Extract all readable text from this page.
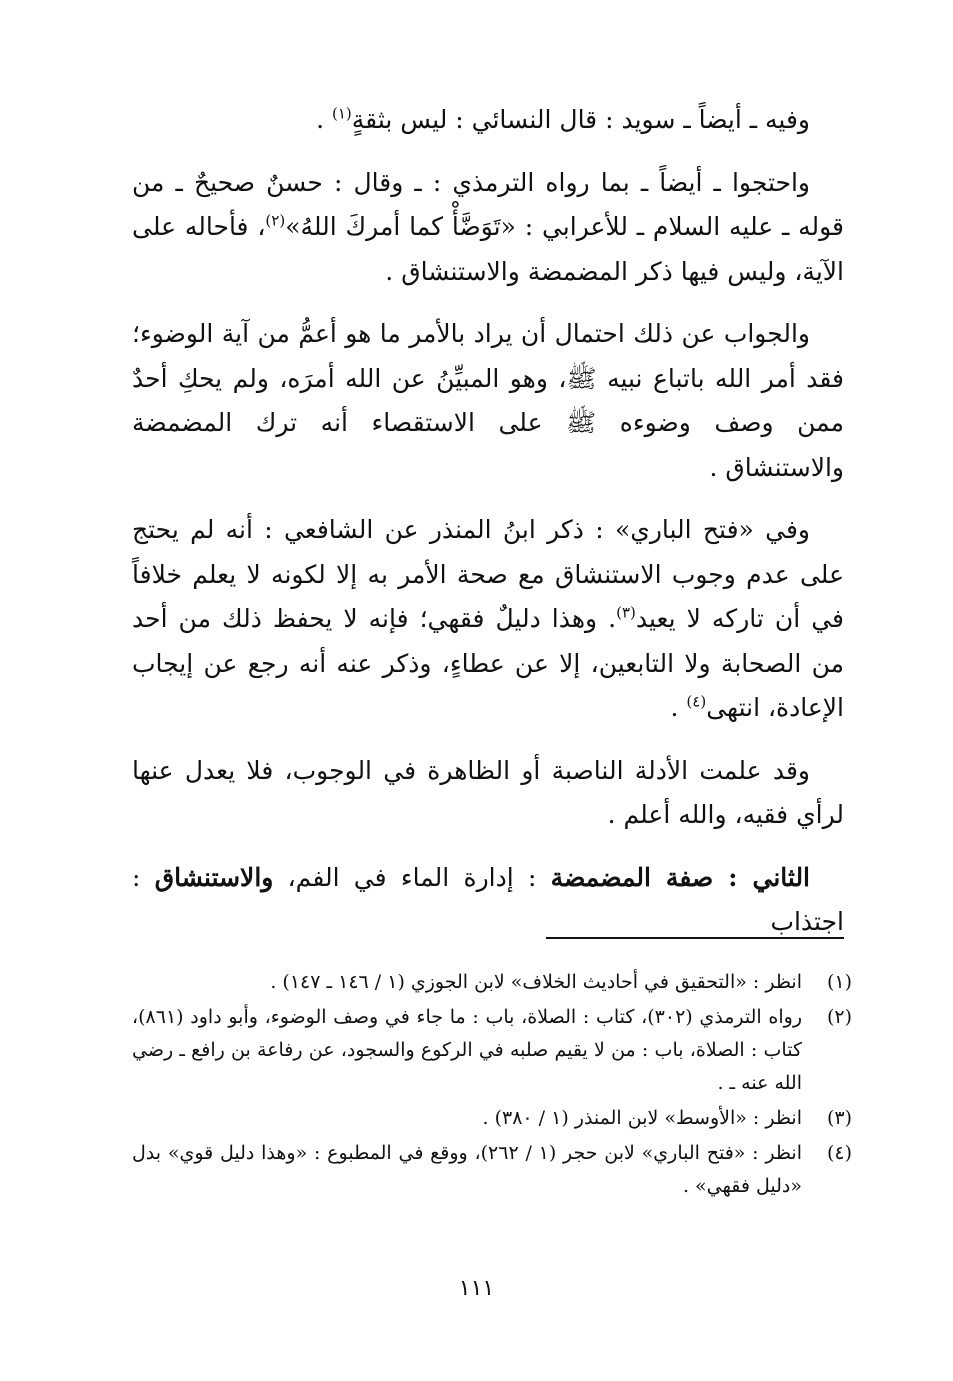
وفيه ـ أيضاً ـ سويد : قال النسائي : ليس بثقةٍ$^{(١)}$ .

واحتجوا ـ أيضاً ـ بما رواه الترمذي : ـ وقال : حسنٌ صحيحٌ ـ من قوله ـ عليه السلام ـ للأعرابي : «تَوَضَّأْ كما أمركَ اللهُ»$^{(٢)}$، فأحاله على الآية، وليس فيها ذكر المضمضة والاستنشاق .

والجواب عن ذلك احتمال أن يراد بالأمر ما هو أعمُّ من آية الوضوء؛ فقد أمر الله باتباع نبيه ﷺ، وهو المبيِّنُ عن الله أمرَه، ولم يحكِ أحدٌ ممن وصف وضوءه ﷺ على الاستقصاء أنه ترك المضمضة والاستنشاق .

وفي «فتح الباري» : ذكر ابنُ المنذر عن الشافعي : أنه لم يحتج على عدم وجوب الاستنشاق مع صحة الأمر به إلا لكونه لا يعلم خلافاً في أن تاركه لا يعيد$^{(٣)}$. وهذا دليلٌ فقهي؛ فإنه لا يحفظ ذلك من أحد من الصحابة ولا التابعين، إلا عن عطاءٍ، وذكر عنه أنه رجع عن إيجاب الإعادة، انتهى$^{(٤)}$ .

وقد علمت الأدلة الناصبة أو الظاهرة في الوجوب، فلا يعدل عنها لرأي فقيه، والله أعلم .

الثاني : صفة المضمضة : إدارة الماء في الفم، والاستنشاق : اجتذاب

(١)
انظر : «التحقيق في أحاديث الخلاف» لابن الجوزي (١ / ١٤٦ ـ ١٤٧) .
(٢)
رواه الترمذي (٣٠٢)، كتاب : الصلاة، باب : ما جاء في وصف الوضوء، وأبو داود (٨٦١)، كتاب : الصلاة، باب : من لا يقيم صلبه في الركوع والسجود، عن رفاعة بن رافع ـ رضي الله عنه ـ .
(٣)
انظر : «الأوسط» لابن المنذر (١ / ٣٨٠) .
(٤)
انظر : «فتح الباري» لابن حجر (١ / ٢٦٢)، ووقع في المطبوع : «وهذا دليل قوي» بدل «دليل فقهي» .
١١١
